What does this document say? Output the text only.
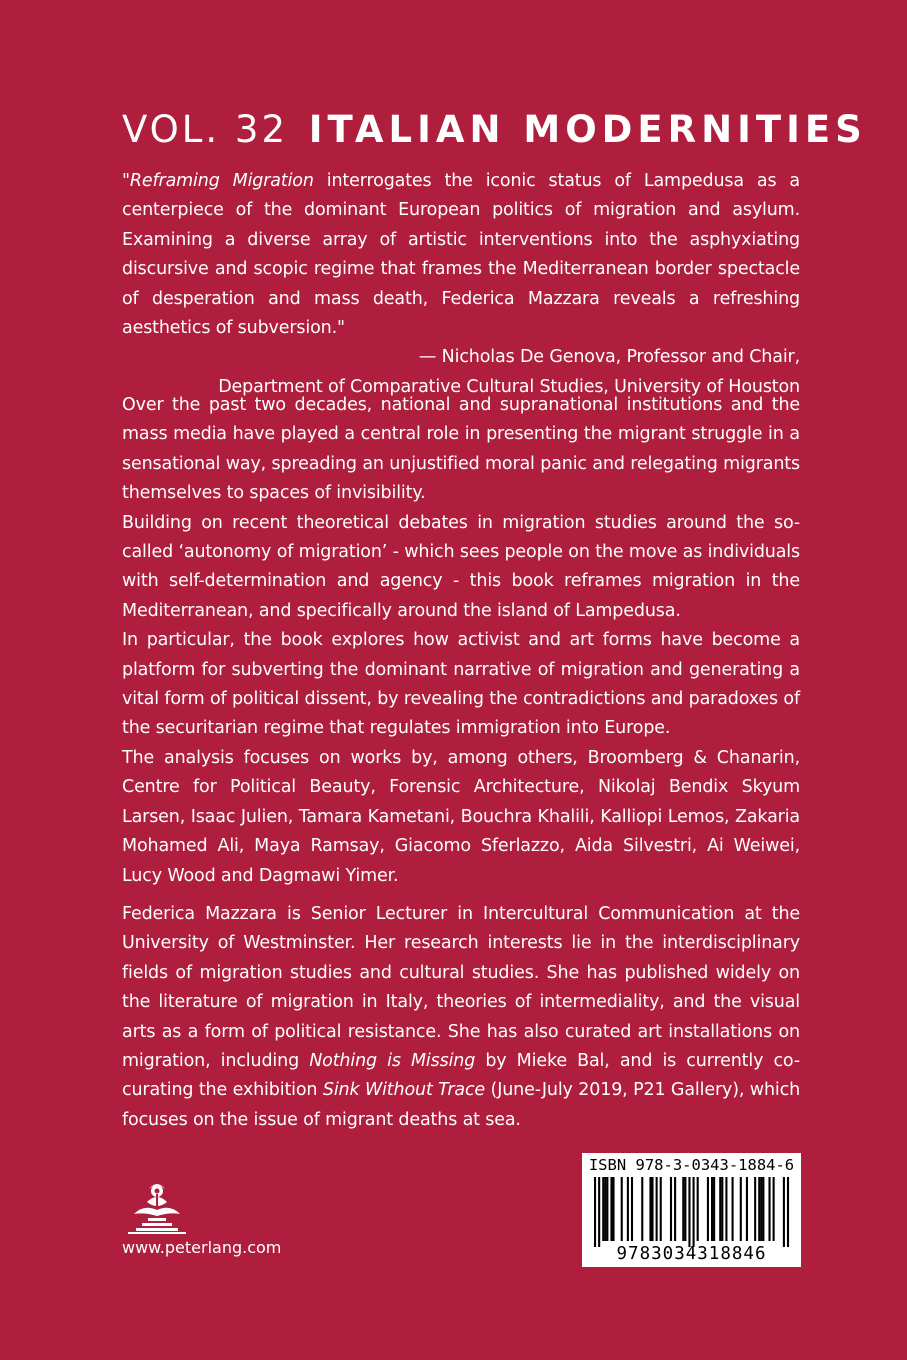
VOL. 32 ITALIAN MODERNITIES

"Reframing Migration interrogates the iconic status of Lampedusa as a centerpiece of the dominant European politics of migration and asylum. Examining a diverse array of artistic interventions into the asphyxiating discursive and scopic regime that frames the Mediterranean border spectacle of desperation and mass death, Federica Mazzara reveals a refreshing aesthetics of subversion."

— Nicholas De Genova, Professor and Chair,

Department of Comparative Cultural Studies, University of Houston

Over the past two decades, national and supranational institutions and the mass media have played a central role in presenting the migrant struggle in a sensational way, spreading an unjustified moral panic and relegating migrants themselves to spaces of invisibility.

Building on recent theoretical debates in migration studies around the so-called ‘autonomy of migration’ - which sees people on the move as individuals with self-determination and agency - this book reframes migration in the Mediterranean, and specifically around the island of Lampedusa.

In particular, the book explores how activist and art forms have become a platform for subverting the dominant narrative of migration and generating a vital form of political dissent, by revealing the contradictions and paradoxes of the securitarian regime that regulates immigration into Europe.

The analysis focuses on works by, among others, Broomberg & Chanarin, Centre for Political Beauty, Forensic Architecture, Nikolaj Bendix Skyum Larsen, Isaac Julien, Tamara Kametani, Bouchra Khalili, Kalliopi Lemos, Zakaria Mohamed Ali, Maya Ramsay, Giacomo Sferlazzo, Aida Silvestri, Ai Weiwei, Lucy Wood and Dagmawi Yimer.

Federica Mazzara is Senior Lecturer in Intercultural Communication at the University of Westminster. Her research interests lie in the interdisciplinary fields of migration studies and cultural studies. She has published widely on the literature of migration in Italy, theories of intermediality, and the visual arts as a form of political resistance. She has also curated art installations on migration, including Nothing is Missing by Mieke Bal, and is currently co-curating the exhibition Sink Without Trace (June-July 2019, P21 Gallery), which focuses on the issue of migrant deaths at sea.

www.peterlang.com
ISBN 978-3-0343-1884-6
9783034318846
